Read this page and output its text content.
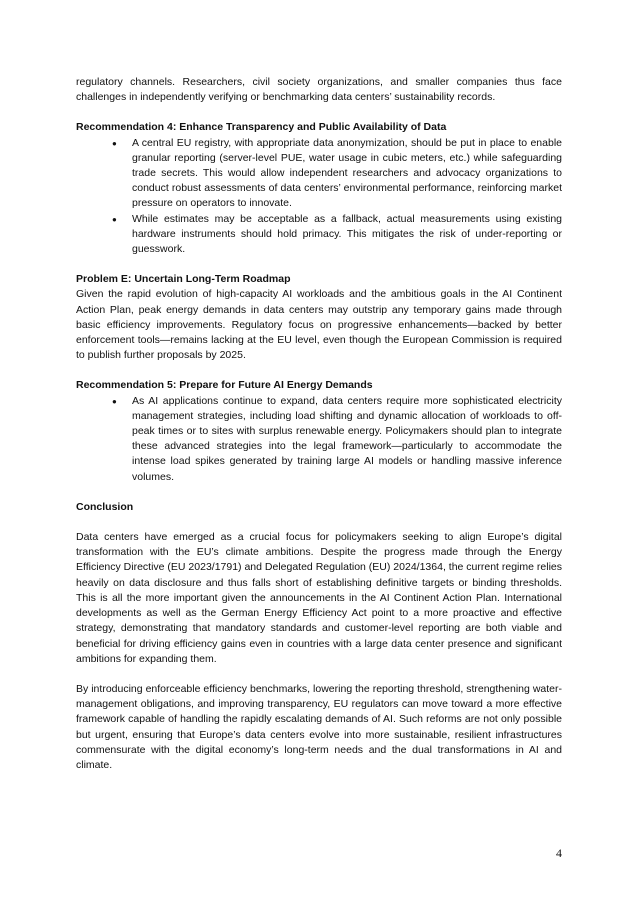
regulatory channels. Researchers, civil society organizations, and smaller companies thus face challenges in independently verifying or benchmarking data centers’ sustainability records.

Recommendation 4: Enhance Transparency and Public Availability of Data

● A central EU registry, with appropriate data anonymization, should be put in place to enable granular reporting (server-level PUE, water usage in cubic meters, etc.) while safeguarding trade secrets. This would allow independent researchers and advocacy organizations to conduct robust assessments of data centers’ environmental performance, reinforcing market pressure on operators to innovate.
● While estimates may be acceptable as a fallback, actual measurements using existing hardware instruments should hold primacy. This mitigates the risk of under-reporting or guesswork.

Problem E: Uncertain Long-Term Roadmap

Given the rapid evolution of high-capacity AI workloads and the ambitious goals in the AI Continent Action Plan, peak energy demands in data centers may outstrip any temporary gains made through basic efficiency improvements. Regulatory focus on progressive enhancements—backed by better enforcement tools—remains lacking at the EU level, even though the European Commission is required to publish further proposals by 2025.

Recommendation 5: Prepare for Future AI Energy Demands

● As AI applications continue to expand, data centers require more sophisticated electricity management strategies, including load shifting and dynamic allocation of workloads to off-peak times or to sites with surplus renewable energy. Policymakers should plan to integrate these advanced strategies into the legal framework—particularly to accommodate the intense load spikes generated by training large AI models or handling massive inference volumes.

Conclusion

Data centers have emerged as a crucial focus for policymakers seeking to align Europe’s digital transformation with the EU’s climate ambitions. Despite the progress made through the Energy Efficiency Directive (EU 2023/1791) and Delegated Regulation (EU) 2024/1364, the current regime relies heavily on data disclosure and thus falls short of establishing definitive targets or binding thresholds. This is all the more important given the announcements in the AI Continent Action Plan. International developments as well as the German Energy Efficiency Act point to a more proactive and effective strategy, demonstrating that mandatory standards and customer-level reporting are both viable and beneficial for driving efficiency gains even in countries with a large data center presence and significant ambitions for expanding them.

By introducing enforceable efficiency benchmarks, lowering the reporting threshold, strengthening water-management obligations, and improving transparency, EU regulators can move toward a more effective framework capable of handling the rapidly escalating demands of AI. Such reforms are not only possible but urgent, ensuring that Europe’s data centers evolve into more sustainable, resilient infrastructures commensurate with the digital economy’s long-term needs and the dual transformations in AI and climate.

4
